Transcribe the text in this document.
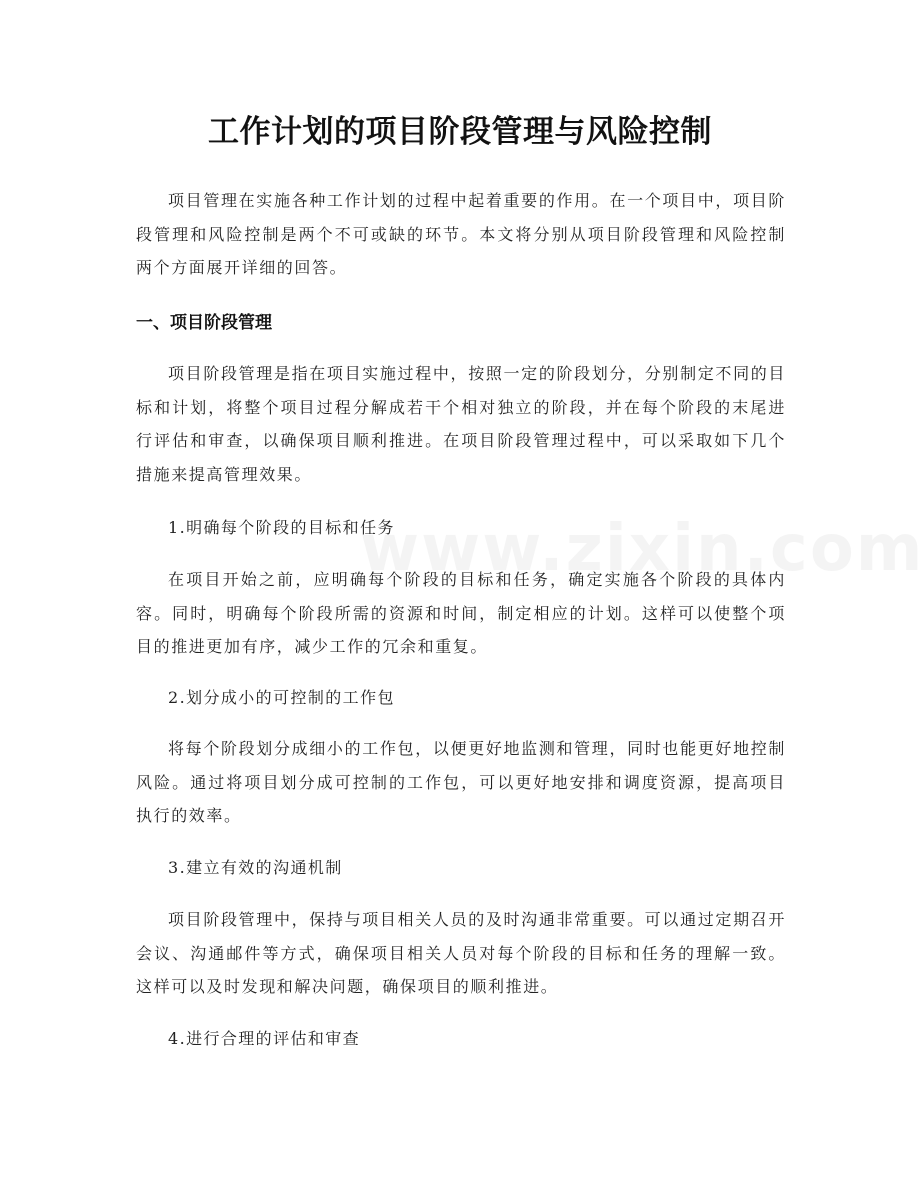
工作计划的项目阶段管理与风险控制

项目管理在实施各种工作计划的过程中起着重要的作用。在一个项目中，项目阶段管理和风险控制是两个不可或缺的环节。本文将分别从项目阶段管理和风险控制两个方面展开详细的回答。

一、项目阶段管理

项目阶段管理是指在项目实施过程中，按照一定的阶段划分，分别制定不同的目标和计划，将整个项目过程分解成若干个相对独立的阶段，并在每个阶段的末尾进行评估和审查，以确保项目顺利推进。在项目阶段管理过程中，可以采取如下几个措施来提高管理效果。

1.明确每个阶段的目标和任务

在项目开始之前，应明确每个阶段的目标和任务，确定实施各个阶段的具体内容。同时，明确每个阶段所需的资源和时间，制定相应的计划。这样可以使整个项目的推进更加有序，减少工作的冗余和重复。

2.划分成小的可控制的工作包

将每个阶段划分成细小的工作包，以便更好地监测和管理，同时也能更好地控制风险。通过将项目划分成可控制的工作包，可以更好地安排和调度资源，提高项目执行的效率。

3.建立有效的沟通机制

项目阶段管理中，保持与项目相关人员的及时沟通非常重要。可以通过定期召开会议、沟通邮件等方式，确保项目相关人员对每个阶段的目标和任务的理解一致。这样可以及时发现和解决问题，确保项目的顺利推进。

4.进行合理的评估和审查
